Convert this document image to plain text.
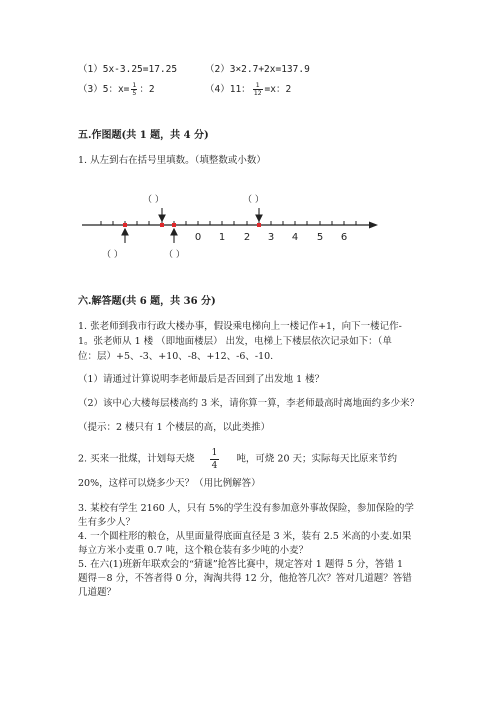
（1）5x-3.25=17.25	（2）3×2.7+2x=137.9
（3）5：$x= \frac{1}{5}$ ：2	（4）11： $\frac{1}{12} =x$：2
五.作图题(共 1 题，共 4 分)
1. 从左到右在括号里填数。（填整数或小数）
（ ）	（ ）
（ ）	（ ）
0 1 2 3 4 5 6
六.解答题(共 6 题，共 36 分)
1. 张老师到我市行政大楼办事，假设乘电梯向上一楼记作+1，向下一楼记作-
1。张老师从 1 楼 （即地面楼层） 出发，电梯上下楼层依次记录如下：（单
位：层）+5、-3、+10、-8、+12、-6、-10.
（1）请通过计算说明李老师最后是否回到了出发地 1 楼？
（2）该中心大楼每层楼高约 3 米，请你算一算，李老师最高时离地面约多少米？
（提示：2 楼只有 1 个楼层的高，以此类推）
2. 买来一批煤，计划每天烧 $\frac{1}{4}$ 吨，可烧 20 天；实际每天比原来节约
20%，这样可以烧多少天？（用比例解答）
3. 某校有学生 2160 人，只有 5%的学生没有参加意外事故保险，参加保险的学
生有多少人？
4. 一个圆柱形的粮仓，从里面量得底面直径是 3 米，装有 2.5 米高的小麦.如果
每立方米小麦重 0.7 吨，这个粮仓装有多少吨的小麦？
5. 在六(1)班新年联欢会的“猜谜”抢答比赛中，规定答对 1 题得 5 分，答错 1
题得－8 分，不答者得 0 分，淘淘共得 12 分，他抢答几次？答对几道题？答错
几道题？
